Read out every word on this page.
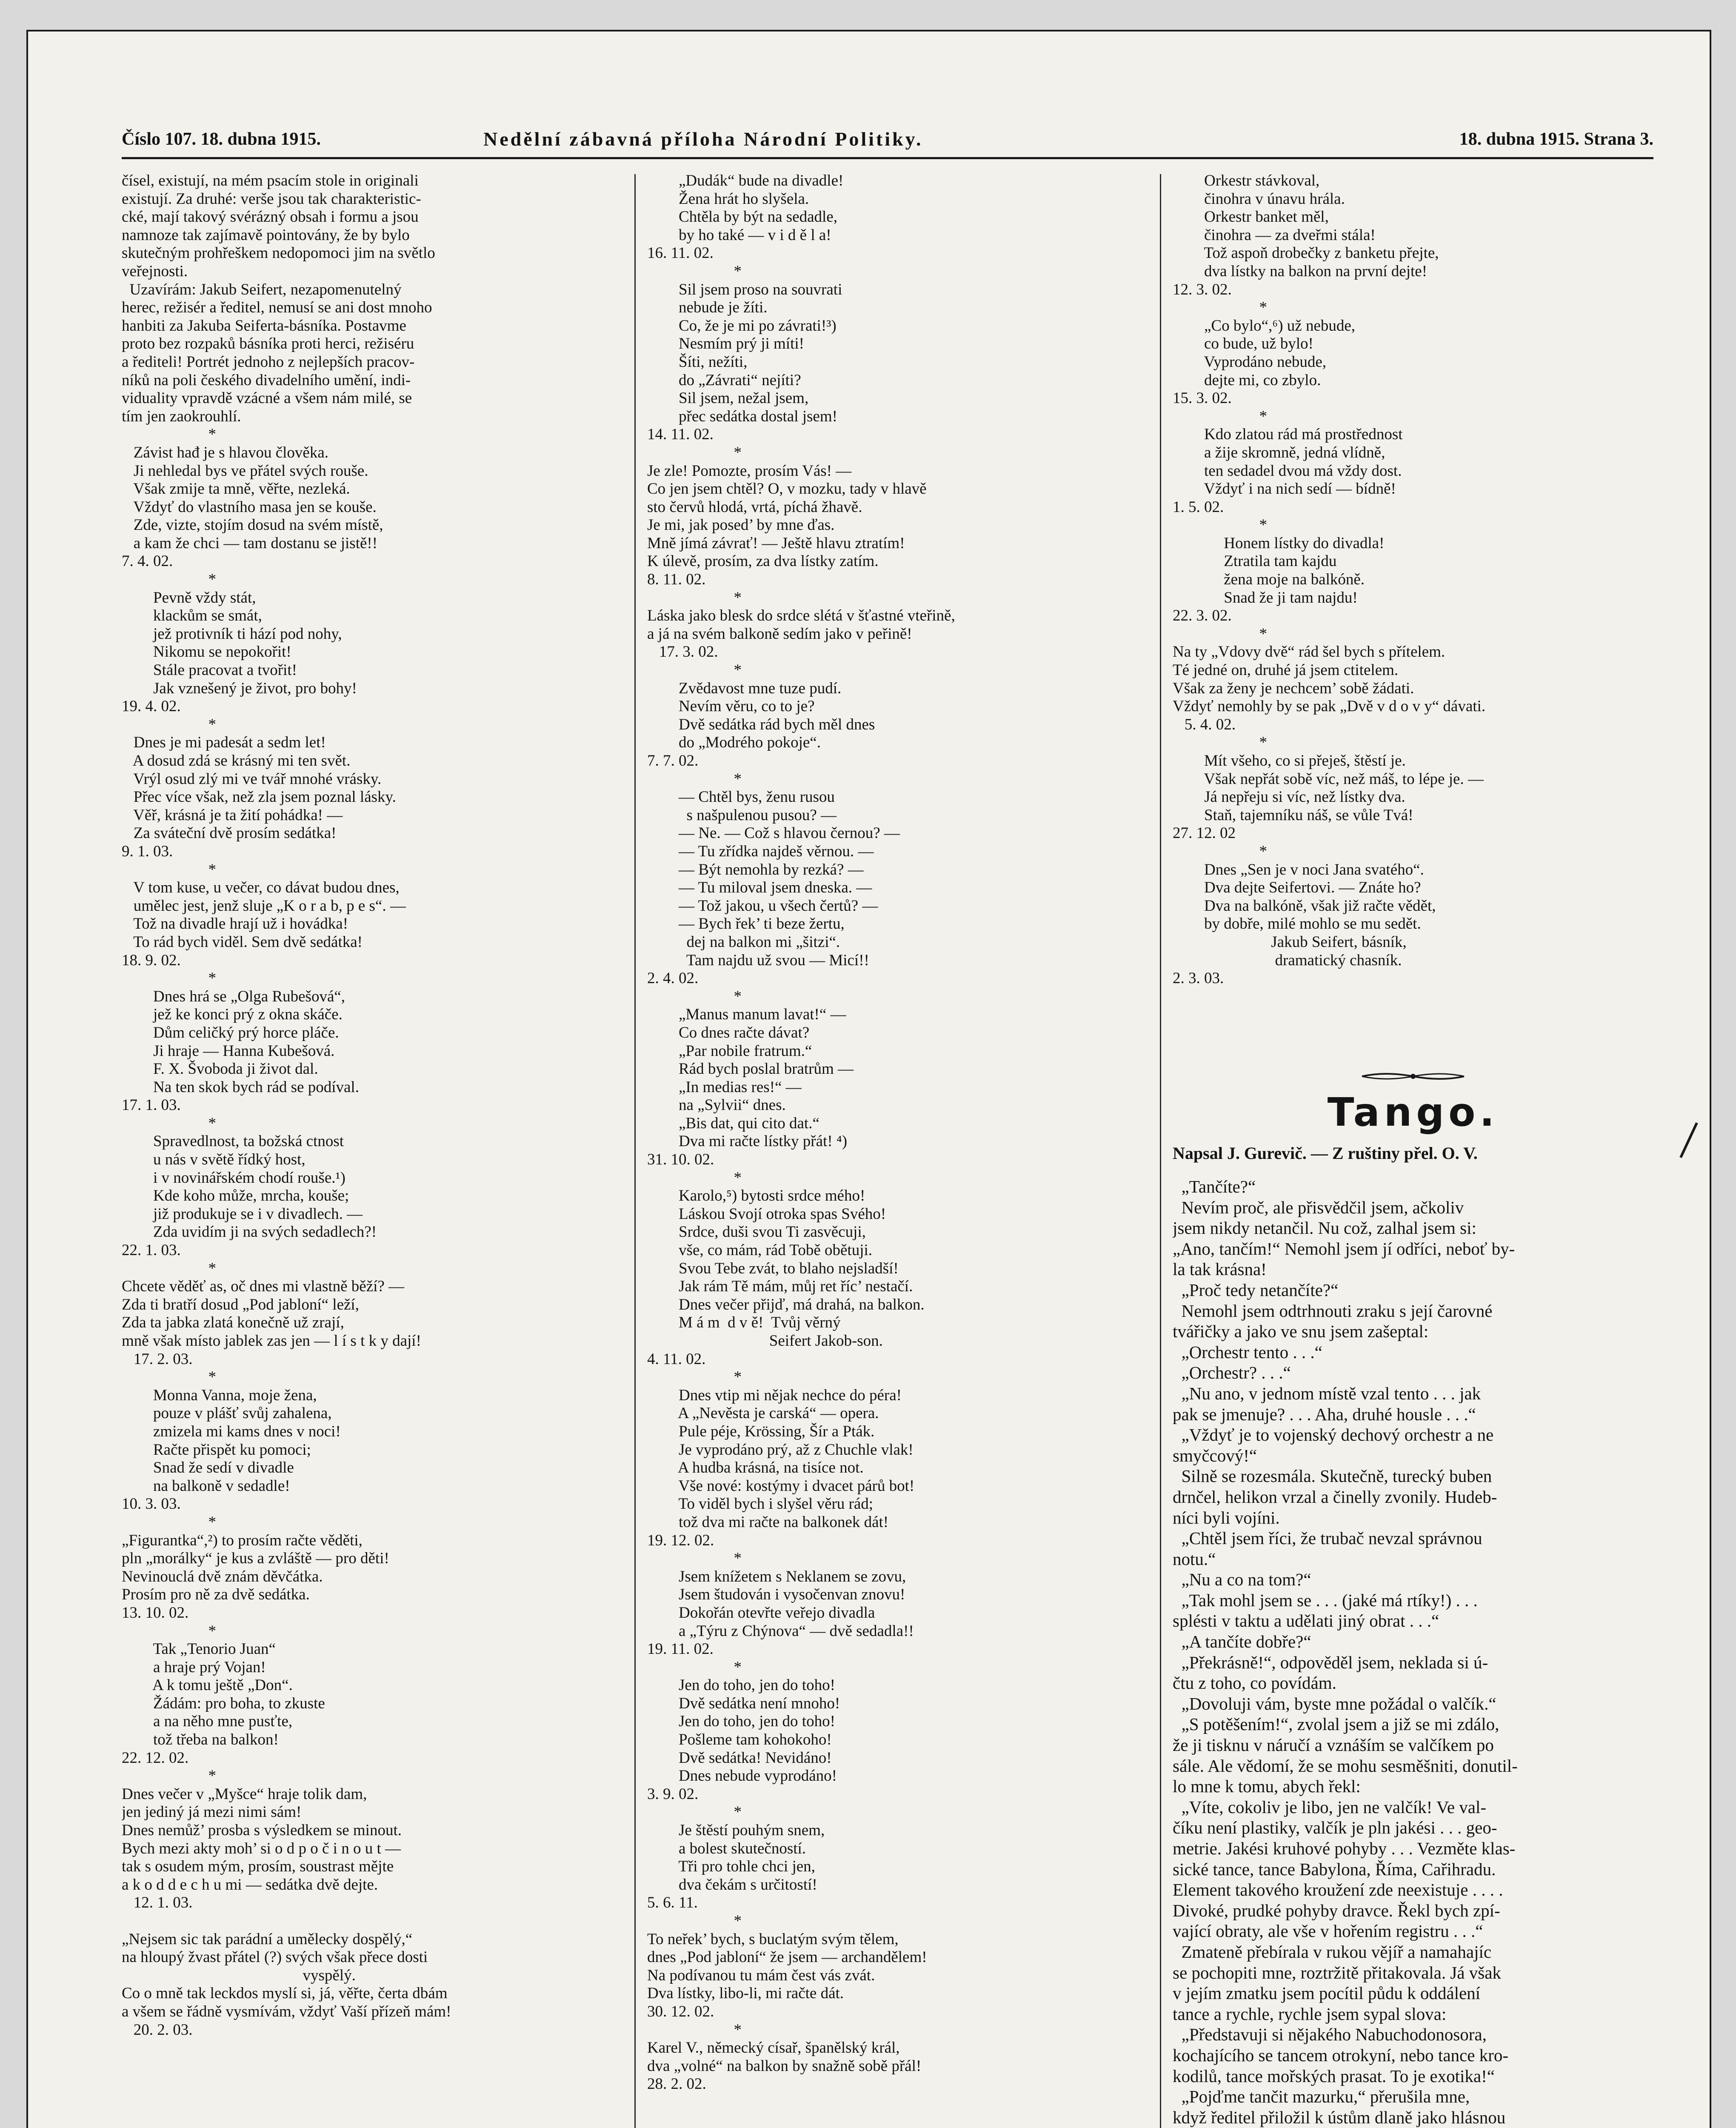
Číslo 107. 18. dubna 1915.	Nedělní zábavná příloha Národní Politiky.	18. dubna 1915. Strana 3.
čísel, existují, na mém psacím stole in originali
existují. Za druhé: verše jsou tak charakteristic-
cké, mají takový svérázný obsah i formu a jsou
namnoze tak zajímavě pointovány, že by bylo
skutečným prohřeškem nedopomoci jim na světlo
veřejnosti.
Uzavírám: Jakub Seifert, nezapomenutelný
herec, režisér a ředitel, nemusí se ani dost mnoho
hanbiti za Jakuba Seiferta-básníka. Postavme
proto bez rozpaků básníka proti herci, režiséru
a řediteli! Portrét jednoho z nejlepších pracov-
níků na poli českého divadelního umění, indi-
viduality vpravdě vzácné a všem nám milé, se
tím jen zaokrouhlí.
*
Závist hađ je s hlavou člověka.
Ji nehledal bys ve přátel svých rouše.
Však zmije ta mně, věřte, nezleká.
Vždyť do vlastního masa jen se kouše.
Zde, vizte, stojím dosud na svém místě,
a kam že chci — tam dostanu se jistě!!
7. 4. 02.
*
Pevně vždy stát,
klackům se smát,
jež protivník ti hází pod nohy,
Nikomu se nepokořit!
Stále pracovat a tvořit!
Jak vznešený je život, pro bohy!
19. 4. 02.
*
Dnes je mi padesát a sedm let!
A dosud zdá se krásný mi ten svět.
Vrýl osud zlý mi ve tvář mnohé vrásky.
Přec více však, než zla jsem poznal lásky.
Věř, krásná je ta žití pohádka! —
Za sváteční dvě prosím sedátka!
9. 1. 03.
*
V tom kuse, u večer, co dávat budou dnes,
umělec jest, jenž sluje „K o r a b, p e s“. —
Tož na divadle hrají už i hovádka!
To rád bych viděl. Sem dvě sedátka!
18. 9. 02.
*
Dnes hrá se „Olga Rubešová“,
jež ke konci prý z okna skáče.
Dům celičký prý horce pláče.
Ji hraje — Hanna Kubešová.
F. X. Švoboda ji život dal.
Na ten skok bych rád se podíval.
17. 1. 03.
*
Spravedlnost, ta božská ctnost
u nás v světě řídký host,
i v novinářském chodí rouše.¹)
Kde koho může, mrcha, kouše;
již produkuje se i v divadlech. —
Zda uvidím ji na svých sedadlech?!
22. 1. 03.
*
Chcete věděť as, oč dnes mi vlastně běží? —
Zda ti bratří dosud „Pod jabloní“ leží,
Zda ta jabka zlatá konečně už zrají,
mně však místo jablek zas jen — l í s t k y dají!
17. 2. 03.
*
Monna Vanna, moje žena,
pouze v plášť svůj zahalena,
zmizela mi kams dnes v noci!
Račte přispět ku pomoci;
Snad že sedí v divadle
na balkoně v sedadle!
10. 3. 03.
*
„Figurantka“,²) to prosím račte věděti,
pln „morálky“ je kus a zvláště — pro děti!
Nevinouclá dvě znám děvčátka.
Prosím pro ně za dvě sedátka.
13. 10. 02.
*
Tak „Tenorio Juan“
a hraje prý Vojan!
A k tomu ještě „Don“.
Žádám: pro boha, to zkuste
a na něho mne pusťte,
tož třeba na balkon!
22. 12. 02.
*
Dnes večer v „Myšce“ hraje tolik dam,
jen jediný já mezi nimi sám!
Dnes nemůž’ prosba s výsledkem se minout.
Bych mezi akty moh’ si o d p o č i n o u t —
tak s osudem mým, prosím, soustrast mějte
a k o d d e c h u mi — sedátka dvě dejte.
12. 1. 03.

„Nejsem sic tak parádní a umělecky dospělý,“
na hloupý žvast přátel (?) svých však přece dosti
vyspělý.
Co o mně tak leckdos myslí si, já, věřte, čerta dbám
a všem se řádně vysmívám, vždyť Vaší přízeň mám!
20. 2. 03.
„Dudák“ bude na divadle!
Žena hrát ho slyšela.
Chtěla by být na sedadle,
by ho také — v i d ě l a!
16. 11. 02.
*
Sil jsem proso na souvrati
nebude je žíti.
Co, že je mi po závrati!³)
Nesmím prý ji míti!
Šíti, nežíti,
do „Závrati“ nejíti?
Sil jsem, nežal jsem,
přec sedátka dostal jsem!
14. 11. 02.
*
Je zle! Pomozte, prosím Vás! —
Co jen jsem chtěl? O, v mozku, tady v hlavě
sto červů hlodá, vrtá, píchá žhavě.
Je mi, jak posed’ by mne ďas.
Mně jímá závrať! — Ještě hlavu ztratím!
K úlevě, prosím, za dva lístky zatím.
8. 11. 02.
*
Láska jako blesk do srdce slétá v šťastné vteřině,
a já na svém balkoně sedím jako v peřině!
17. 3. 02.
*
Zvědavost mne tuze pudí.
Nevím věru, co to je?
Dvě sedátka rád bych měl dnes
do „Modrého pokoje“.
7. 7. 02.
*
— Chtěl bys, ženu rusou
s našpulenou pusou? —
— Ne. — Což s hlavou černou? —
— Tu zřídka najdeš věrnou. —
— Být nemohla by rezká? —
— Tu miloval jsem dneska. —
— Tož jakou, u všech čertů? —
— Bych řek’ ti beze žertu,
dej na balkon mi „šitzi“.
Tam najdu už svou — Micí!!
2. 4. 02.
*
„Manus manum lavat!“ —
Co dnes račte dávat?
„Par nobile fratrum.“
Rád bych poslal bratrům —
„In medias res!“ —
na „Sylvii“ dnes.
„Bis dat, qui cito dat.“
Dva mi račte lístky přát! ⁴)
31. 10. 02.
*
Karolo,⁵) bytosti srdce mého!
Láskou Svojí otroka spas Svého!
Srdce, duši svou Ti zasvěcuji,
vše, co mám, rád Tobě obětuji.
Svou Tebe zvát, to blaho nejsladší!
Jak rám Tě mám, můj ret říc’ nestačí.
Dnes večer přijď, má drahá, na balkon.
M á m  d v ě!  Tvůj věrný
Seifert Jakob-son.
4. 11. 02.
*
Dnes vtip mi nějak nechce do péra!
A „Nevěsta je carská“ — opera.
Pule péje, Krössing, Šír a Pták.
Je vyprodáno prý, až z Chuchle vlak!
A hudba krásná, na tisíce not.
Vše nové: kostýmy i dvacet párů bot!
To viděl bych i slyšel věru rád;
tož dva mi račte na balkonek dát!
19. 12. 02.
*
Jsem knížetem s Neklanem se zovu,
Jsem študován i vysočenvan znovu!
Dokořán otevřte veřejo divadla
a „Týru z Chýnova“ — dvě sedadla!!
19. 11. 02.
*
Jen do toho, jen do toho!
Dvě sedátka není mnoho!
Jen do toho, jen do toho!
Pošleme tam kohokoho!
Dvě sedátka! Nevidáno!
Dnes nebude vyprodáno!
3. 9. 02.
*
Je štěstí pouhým snem,
a bolest skutečností.
Tři pro tohle chci jen,
dva čekám s určitostí!
5. 6. 11.
*
To neřek’ bych, s buclatým svým tělem,
dnes „Pod jabloní“ že jsem — archandělem!
Na podívanou tu mám čest vás zvát.
Dva lístky, libo-li, mi račte dát.
30. 12. 02.
*
Karel V., německý císař, španělský král,
dva „volné“ na balkon by snažně sobě přál!
28. 2. 02.
Orkestr stávkoval,
činohra v únavu hrála.
Orkestr banket měl,
činohra — za dveřmi stála!
Tož aspoň drobečky z banketu přejte,
dva lístky na balkon na první dejte!
12. 3. 02.
*
„Co bylo“,⁶) už nebude,
co bude, už bylo!
Vyprodáno nebude,
dejte mi, co zbylo.
15. 3. 02.
*
Kdo zlatou rád má prostřednost
a žije skromně, jedná vlídně,
ten sedadel dvou má vždy dost.
Vždyť i na nich sedí — bídně!
1. 5. 02.
*
Honem lístky do divadla!
Ztratila tam kajdu
žena moje na balkóně.
Snad že ji tam najdu!
22. 3. 02.
*
Na ty „Vdovy dvě“ rád šel bych s přítelem.
Té jedné on, druhé já jsem ctitelem.
Však za ženy je nechcem’ sobě žádati.
Vždyť nemohly by se pak „Dvě v d o v y“ dávati.
5. 4. 02.
*
Mít všeho, co si přeješ, štěstí je.
Však nepřát sobě víc, než máš, to lépe je. —
Já nepřeju si víc, než lístky dva.
Staň, tajemníku náš, se vůle Tvá!
27. 12. 02
*
Dnes „Sen je v noci Jana svatého“.
Dva dejte Seifertovi. — Znáte ho?
Dva na balkóně, však již račte vědět,
by dobře, milé mohlo se mu sedět.
Jakub Seifert, básník,
dramatický chasník.
2. 3. 03.
Tango.
Napsal J. Gurevič. — Z ruštiny přel. O. V.
„Tančíte?“
Nevím proč, ale přisvědčil jsem, ačkoliv
jsem nikdy netančil. Nu což, zalhal jsem si:
„Ano, tančím!“ Nemohl jsem jí odříci, neboť by-
la tak krásna!
„Proč tedy netančíte?“
Nemohl jsem odtrhnouti zraku s její čarovné
tvářičky a jako ve snu jsem zašeptal:
„Orchestr tento . . .“
„Orchestr? . . .“
„Nu ano, v jednom místě vzal tento . . . jak
pak se jmenuje? . . . Aha, druhé housle . . .“
„Vždyť je to vojenský dechový orchestr a ne
smyčcový!“
Silně se rozesmála. Skutečně, turecký buben
drnčel, helikon vrzal a činelly zvonily. Hudeb-
níci byli vojíni.
„Chtěl jsem říci, že trubač nevzal správnou
notu.“
„Nu a co na tom?“
„Tak mohl jsem se . . . (jaké má rtíky!) . . .
splésti v taktu a udělati jiný obrat . . .“
„A tančíte dobře?“
„Překrásně!“, odpověděl jsem, neklada si ú-
čtu z toho, co povídám.
„Dovoluji vám, byste mne požádal o valčík.“
„S potěšením!“, zvolal jsem a již se mi zdálo,
že ji tisknu v náručí a vznáším se valčíkem po
sále. Ale vědomí, že se mohu sesměšniti, donutil-
lo mne k tomu, abych řekl:
„Víte, cokoliv je libo, jen ne valčík! Ve val-
číku není plastiky, valčík je pln jakési . . . geo-
metrie. Jakési kruhové pohyby . . . Vezměte klas-
sické tance, tance Babylona, Říma, Cařihradu.
Element takového kroužení zde neexistuje . . . .
Divoké, prudké pohyby dravce. Řekl bych zpí-
vající obraty, ale vše v hořením registru . . .“
Zmateně přebírala v rukou vějíř a namahajíc
se pochopiti mne, roztržitě přitakovala. Já však
v jejím zmatku jsem pocítil půdu k oddálení
tance a rychle, rychle jsem sypal slova:
„Představuji si nějakého Nabuchodonosora,
kochajícího se tancem otrokyní, nebo tance kro-
kodilů, tance mořských prasat. To je exotika!“
„Pojďme tančit mazurku,“ přerušila mne,
když ředitel přiložil k ústům dlaně jako hlásnou
